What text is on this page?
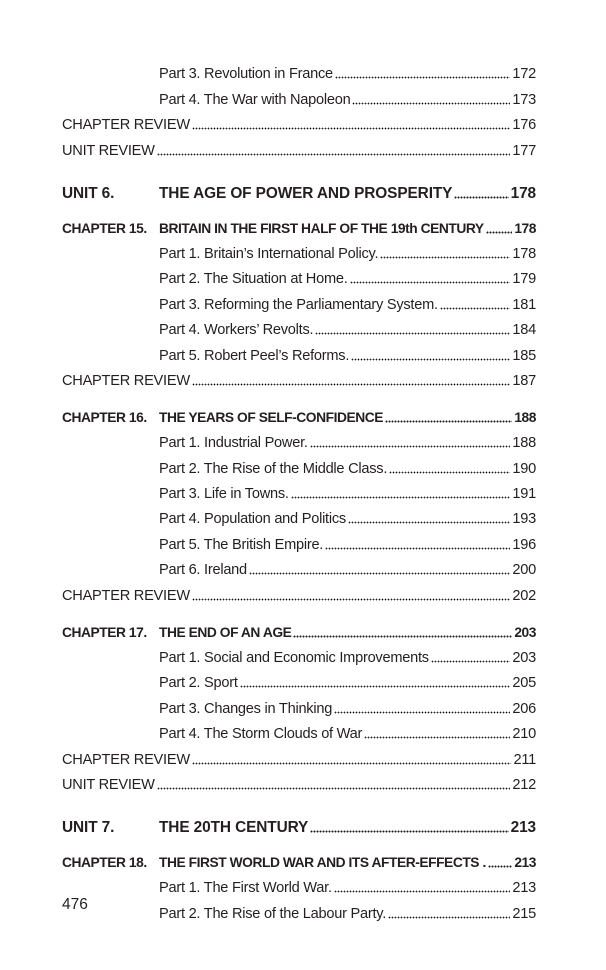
Part 3. Revolution in France	172
Part 4. The War with Napoleon	173
CHAPTER REVIEW	176
UNIT REVIEW	177
UNIT 6.	THE AGE OF POWER AND PROSPERITY	178
CHAPTER 15. BRITAIN IN THE FIRST HALF OF THE 19th CENTURY 178
Part 1. Britain’s International Policy.	178
Part 2. The Situation at Home.	179
Part 3. Reforming the Parliamentary System.	181
Part 4. Workers’ Revolts.	184
Part 5. Robert Peel’s Reforms.	185
CHAPTER REVIEW	187
CHAPTER 16. THE YEARS OF SELF-CONFIDENCE	188
Part 1. Industrial Power.	188
Part 2. The Rise of the Middle Class.	190
Part 3. Life in Towns.	191
Part 4. Population and Politics	193
Part 5. The British Empire.	196
Part 6. Ireland	200
CHAPTER REVIEW	202
CHAPTER 17. THE END OF AN AGE	203
Part 1. Social and Economic Improvements	203
Part 2. Sport	205
Part 3. Changes in Thinking	206
Part 4. The Storm Clouds of War	210
CHAPTER REVIEW	211
UNIT REVIEW	212
UNIT 7.	THE 20TH CENTURY	213
CHAPTER 18. THE FIRST WORLD WAR AND ITS AFTER-EFFECTS . 213
Part 1. The First World War.	213
Part 2. The Rise of the Labour Party.	215
476
